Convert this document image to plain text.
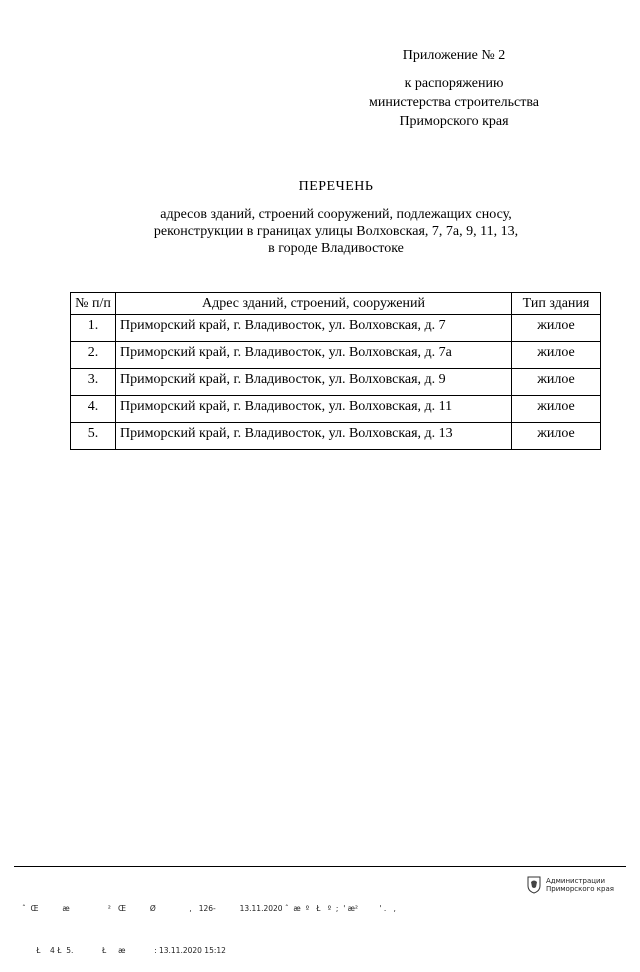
Приложение № 2
к распоряжению
министерства строительства
Приморского края
ПЕРЕЧЕНЬ
адресов зданий, строений сооружений, подлежащих сносу,
реконструкции в границах улицы Волховская, 7, 7а, 9, 11, 13,
в городе Владивостоке
№ п/п	Адрес зданий, строений, сооружений	Тип здания
1.	Приморский край, г. Владивосток, ул. Волховская, д. 7	жилое
2.	Приморский край, г. Владивосток, ул. Волховская, д. 7а	жилое
3.	Приморский край, г. Владивосток, ул. Волховская, д. 9	жилое
4.	Приморский край, г. Владивосток, ул. Волховская, д. 11	жилое
5.	Приморский край, г. Владивосток, ул. Волховская, д. 13	жилое

ˆ  Œ          æ                ²   Œ          Ø              ‚   126‐          13.11.2020 ˆ  æ  º   Ł   º  ;  ' æ²         ' .   ,

Ł    4 Ł  5.            Ł     æ            : 13.11.2020 15:12

Администрации
Приморского края
